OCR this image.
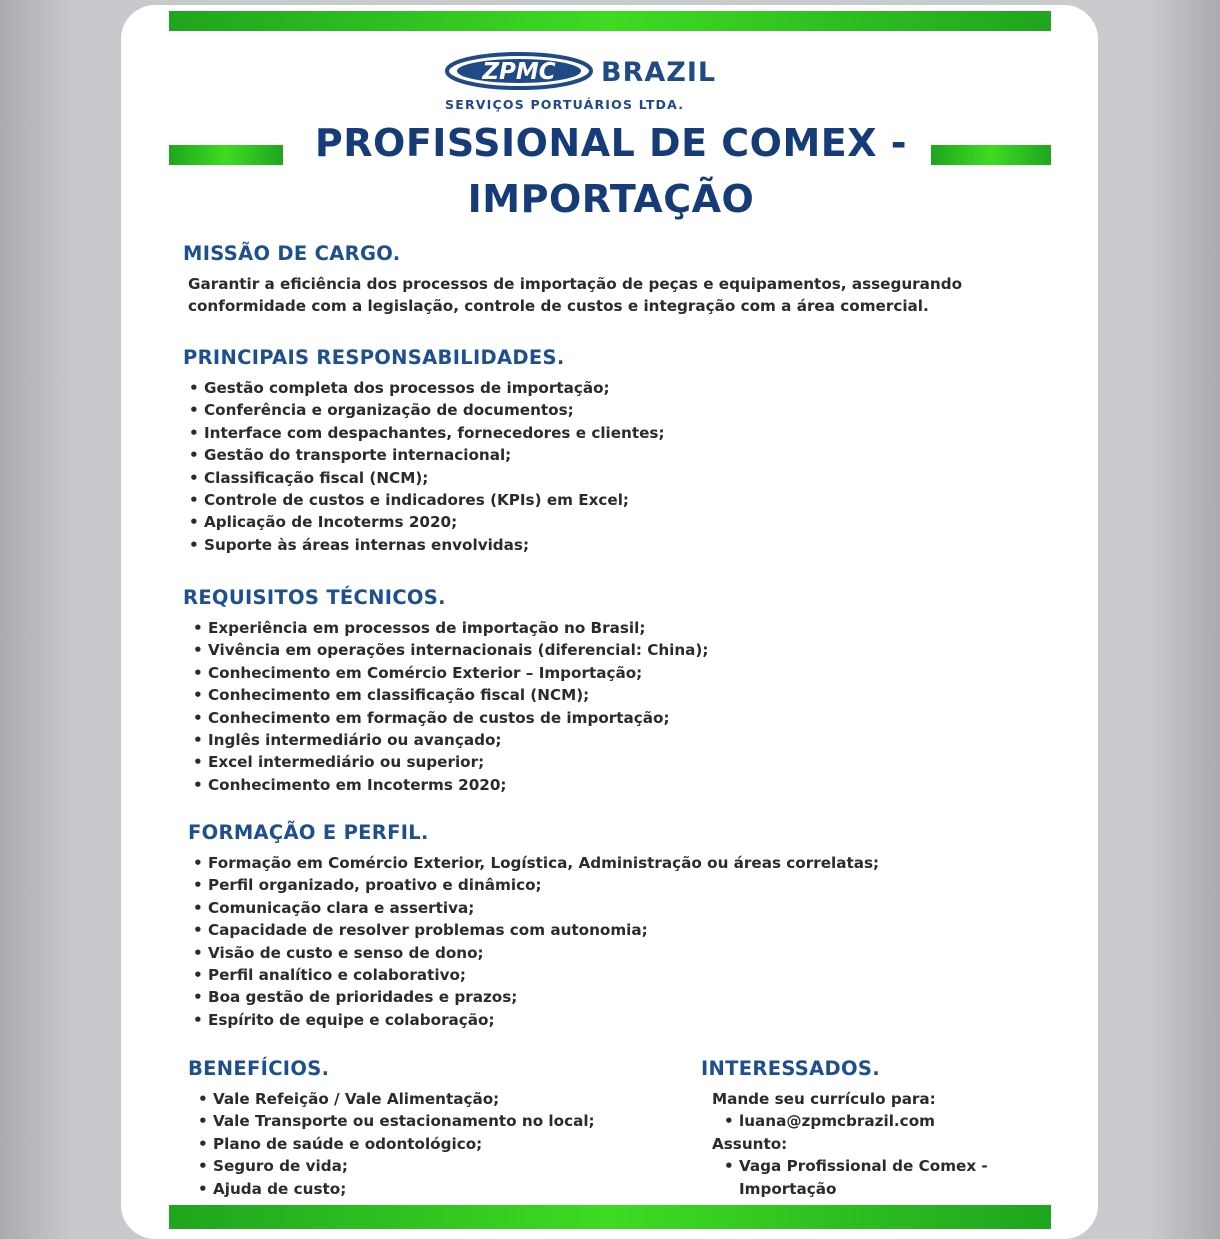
ZPMC BRAZIL
SERVIÇOS PORTUÁRIOS LTDA.
PROFISSIONAL DE COMEX - IMPORTAÇÃO
MISSÃO DE CARGO.

Garantir a eficiência dos processos de importação de peças e equipamentos, assegurando conformidade com a legislação, controle de custos e integração com a área comercial.

PRINCIPAIS RESPONSABILIDADES.
• Gestão completa dos processos de importação;
• Conferência e organização de documentos;
• Interface com despachantes, fornecedores e clientes;
• Gestão do transporte internacional;
• Classificação fiscal (NCM);
• Controle de custos e indicadores (KPIs) em Excel;
• Aplicação de Incoterms 2020;
• Suporte às áreas internas envolvidas;
REQUISITOS TÉCNICOS.
• Experiência em processos de importação no Brasil;
• Vivência em operações internacionais (diferencial: China);
• Conhecimento em Comércio Exterior – Importação;
• Conhecimento em classificação fiscal (NCM);
• Conhecimento em formação de custos de importação;
• Inglês intermediário ou avançado;
• Excel intermediário ou superior;
• Conhecimento em Incoterms 2020;
FORMAÇÃO E PERFIL.
• Formação em Comércio Exterior, Logística, Administração ou áreas correlatas;
• Perfil organizado, proativo e dinâmico;
• Comunicação clara e assertiva;
• Capacidade de resolver problemas com autonomia;
• Visão de custo e senso de dono;
• Perfil analítico e colaborativo;
• Boa gestão de prioridades e prazos;
• Espírito de equipe e colaboração;
BENEFÍCIOS.
• Vale Refeição / Vale Alimentação;
• Vale Transporte ou estacionamento no local;
• Plano de saúde e odontológico;
• Seguro de vida;
• Ajuda de custo;
INTERESSADOS.

Mande seu currículo para:

• luana@zpmcbrazil.com

Assunto:

• Vaga Profissional de Comex - Importação
